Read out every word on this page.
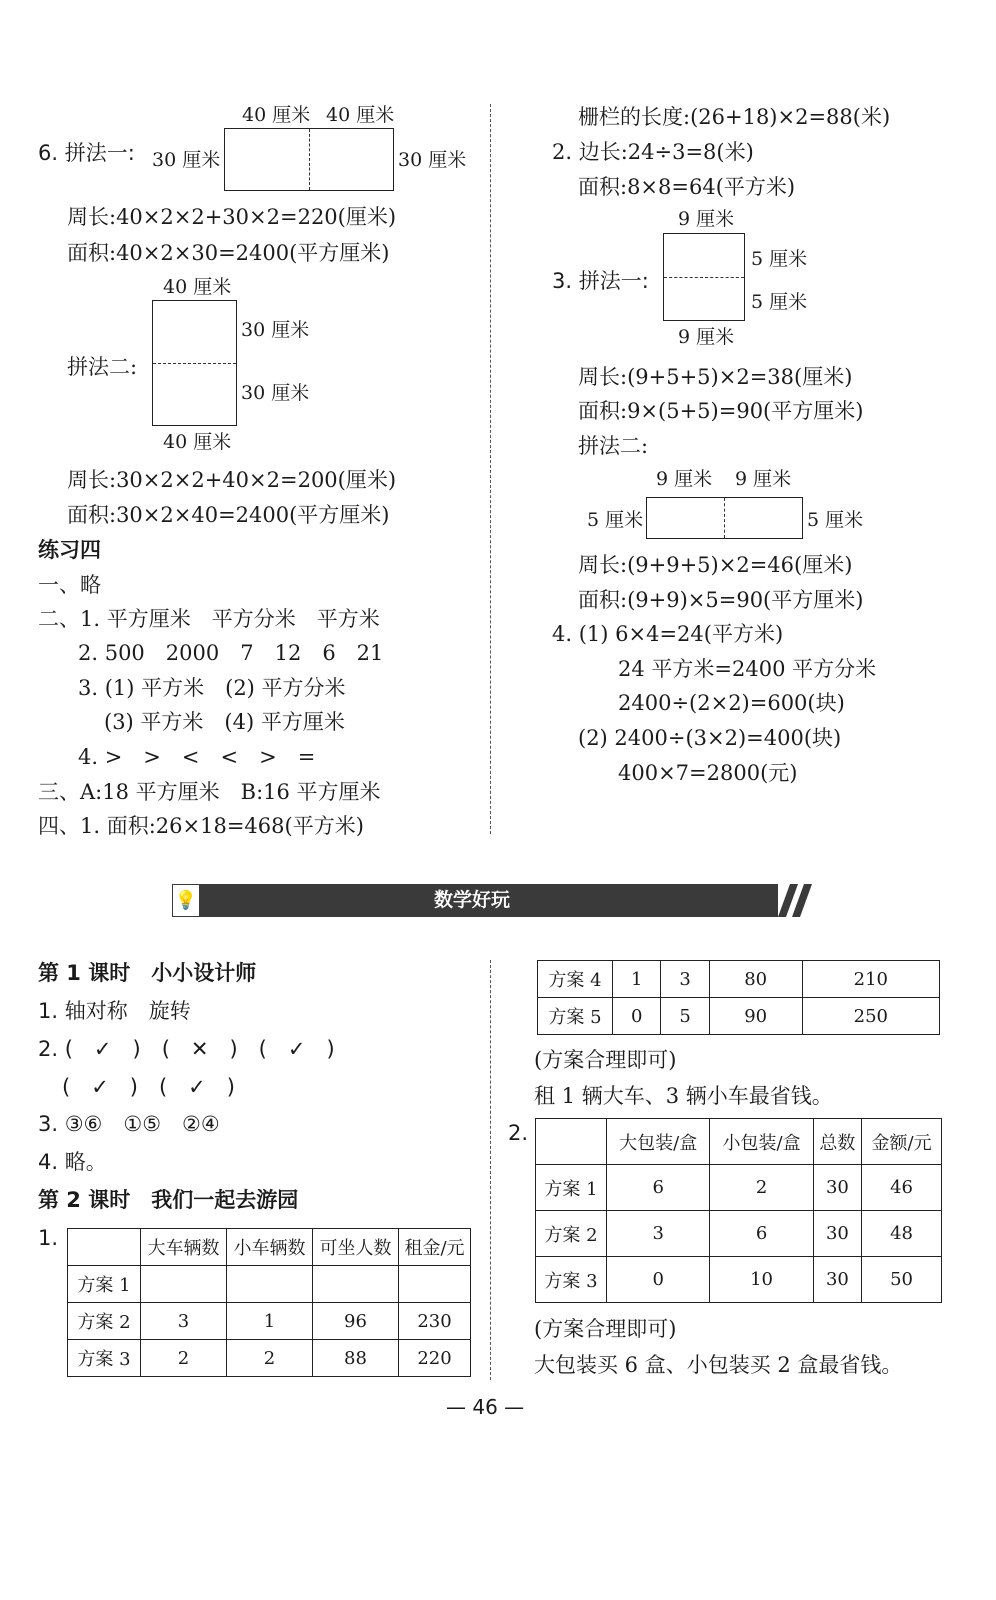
40 厘米 40 厘米
6. 拼法一: 30 厘米	30 厘米
周长:40×2×2+30×2=220(厘米)
面积:40×2×30=2400(平方厘米)
40 厘米
30 厘米
拼法二:
30 厘米
40 厘米
周长:30×2×2+40×2=200(厘米)
面积:30×2×40=2400(平方厘米)
练习四
一、略
二、1. 平方厘米　平方分米　平方米
2. 500　2000　7　12　6　21
3. (1) 平方米　(2) 平方分米
(3) 平方米　(4) 平方厘米
4. >　>　<　<　>　=
三、A:18 平方厘米　B:16 平方厘米
四、1. 面积:26×18=468(平方米)
栅栏的长度:(26+18)×2=88(米)
2. 边长:24÷3=8(米)
面积:8×8=64(平方米)
9 厘米
5 厘米
3. 拼法一:
5 厘米
9 厘米
周长:(9+5+5)×2=38(厘米)
面积:9×(5+5)=90(平方厘米)
拼法二:
9 厘米 9 厘米
5 厘米	5 厘米
周长:(9+9+5)×2=46(厘米)
面积:(9+9)×5=90(平方厘米)
4. (1) 6×4=24(平方米)
24 平方米=2400 平方分米
2400÷(2×2)=600(块)
(2) 2400÷(3×2)=400(块)
400×7=2800(元)
💡	数学好玩
第 1 课时　小小设计师
1. 轴对称　旋转
2. (　✓　)　(　✕　)　(　✓　)
(　✓　)　(　✓　)
3. ③⑥　①⑤　②④
4. 略。
第 2 课时　我们一起去游园
1.
		大车辆数	小车辆数	可坐人数	租金/元
方案 1				
方案 2	3	1	96	230
方案 3	2	2	88	220
方案 4	1	3	80	210
方案 5	0	5	90	250
(方案合理即可)
租 1 辆大车、3 辆小车最省钱。
2.
		大包装/盒	小包装/盒	总数	金额/元
方案 1	6	2	30	46
方案 2	3	6	30	48
方案 3	0	10	30	50
(方案合理即可)
大包装买 6 盒、小包装买 2 盒最省钱。
— 46 —
